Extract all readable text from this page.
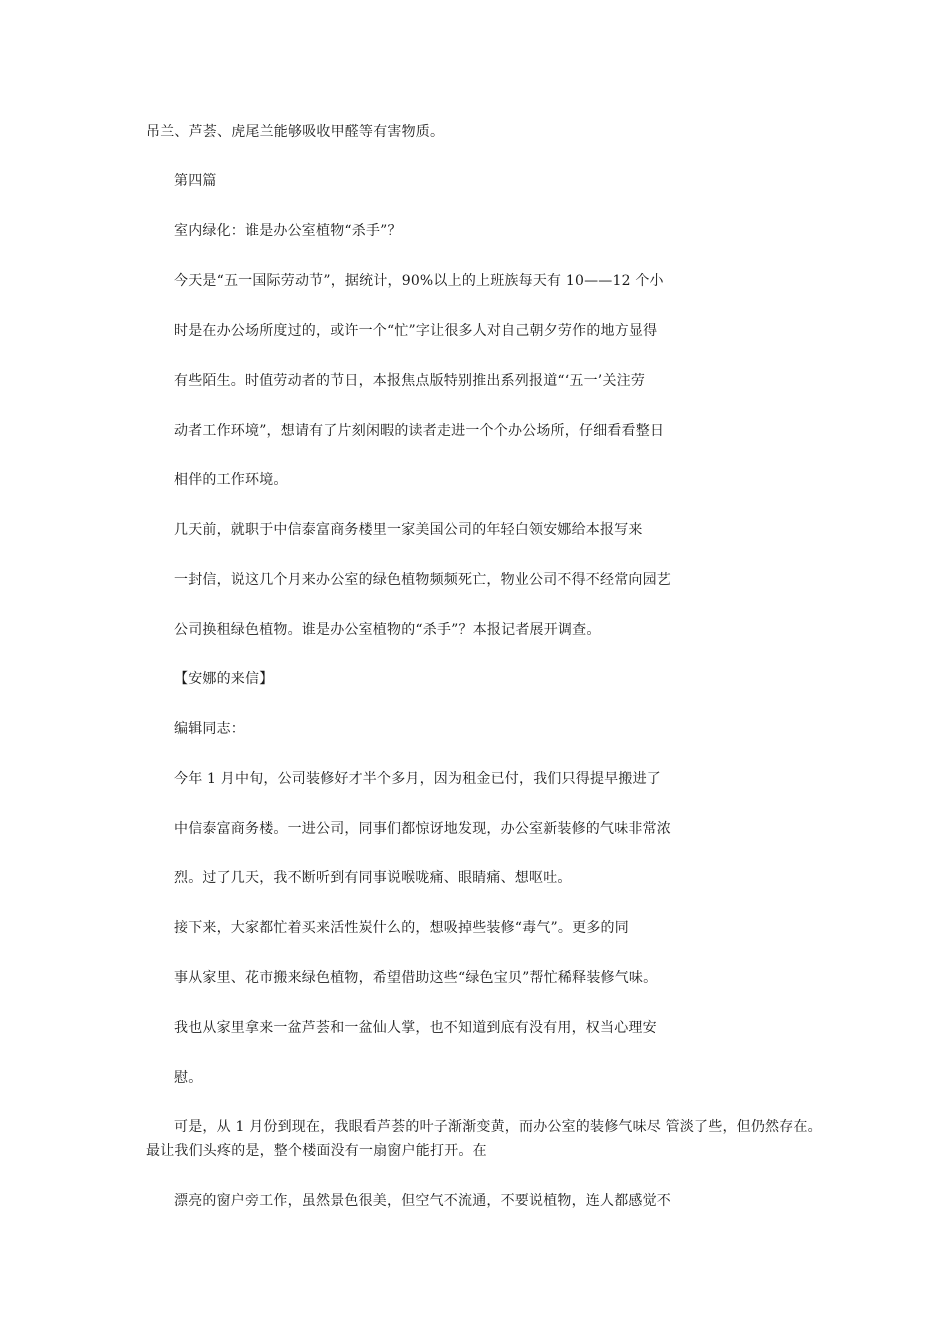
吊兰、芦荟、虎尾兰能够吸收甲醛等有害物质。
第四篇
室内绿化：谁是办公室植物“杀手”？
今天是“五一国际劳动节”，据统计，90%以上的上班族每天有 10——12 个小
时是在办公场所度过的，或许一个“忙”字让很多人对自己朝夕劳作的地方显得
有些陌生。时值劳动者的节日，本报焦点版特别推出系列报道“‘五一’关注劳
动者工作环境”，想请有了片刻闲暇的读者走进一个个办公场所，仔细看看整日
相伴的工作环境。
几天前，就职于中信泰富商务楼里一家美国公司的年轻白领安娜给本报写来
一封信，说这几个月来办公室的绿色植物频频死亡，物业公司不得不经常向园艺
公司换租绿色植物。谁是办公室植物的“杀手”？本报记者展开调查。
【安娜的来信】
编辑同志：
今年 1 月中旬，公司装修好才半个多月，因为租金已付，我们只得提早搬进了
中信泰富商务楼。一进公司，同事们都惊讶地发现，办公室新装修的气味非常浓
烈。过了几天，我不断听到有同事说喉咙痛、眼睛痛、想呕吐。
接下来，大家都忙着买来活性炭什么的，想吸掉些装修“毒气”。更多的同
事从家里、花市搬来绿色植物，希望借助这些“绿色宝贝”帮忙稀释装修气味。
我也从家里拿来一盆芦荟和一盆仙人掌，也不知道到底有没有用，权当心理安
慰。
可是，从 1 月份到现在，我眼看芦荟的叶子渐渐变黄，而办公室的装修气味尽 管淡了些，但仍然存在。
最让我们头疼的是，整个楼面没有一扇窗户能打开。在
漂亮的窗户旁工作，虽然景色很美，但空气不流通，不要说植物，连人都感觉不
